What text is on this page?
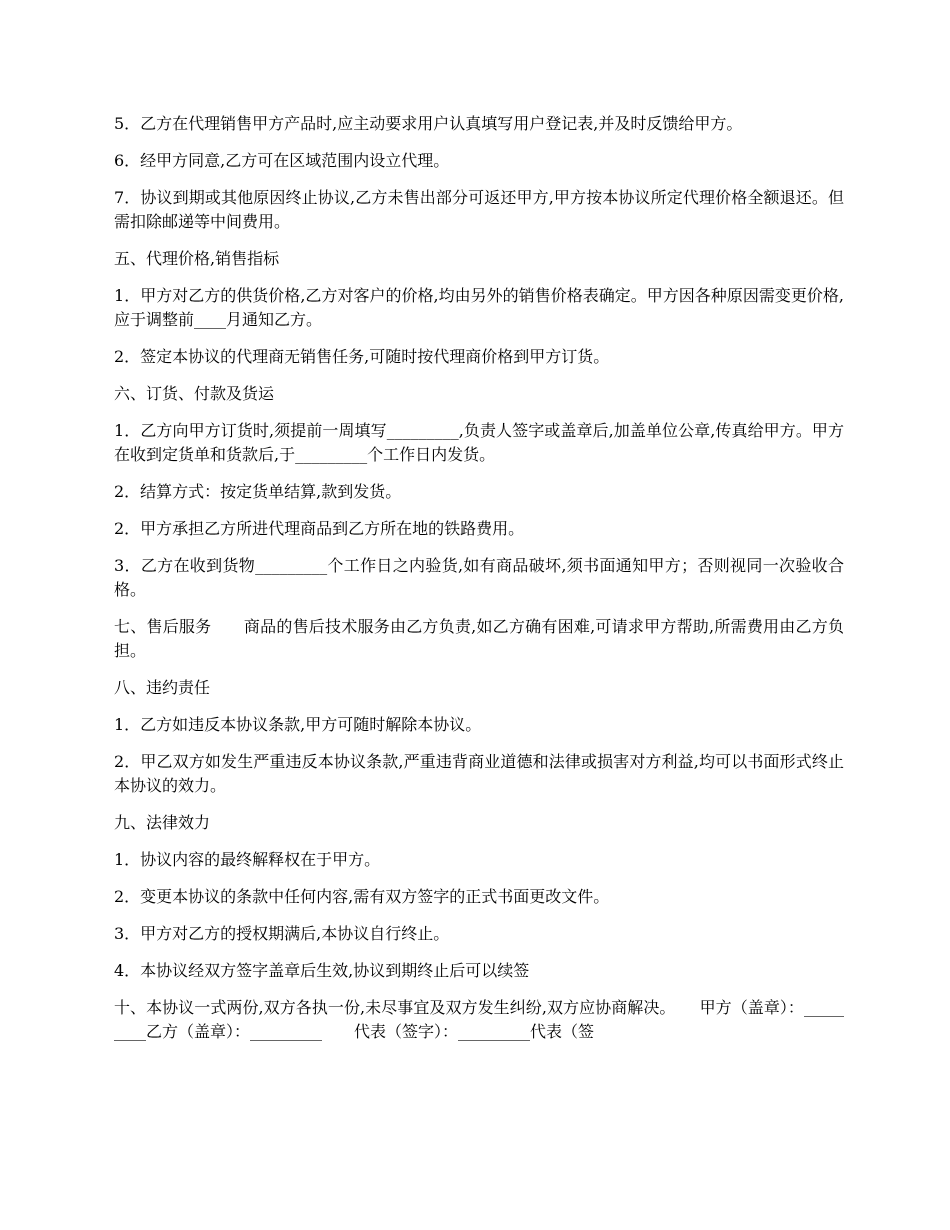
5．乙方在代理销售甲方产品时,应主动要求用户认真填写用户登记表,并及时反馈给甲方。

6．经甲方同意,乙方可在区域范围内设立代理。

7．协议到期或其他原因终止协议,乙方未售出部分可返还甲方,甲方按本协议所定代理价格全额退还。但需扣除邮递等中间费用。

五、代理价格,销售指标

1．甲方对乙方的供货价格,乙方对客户的价格,均由另外的销售价格表确定。甲方因各种原因需变更价格,应于调整前____月通知乙方。

2．签定本协议的代理商无销售任务,可随时按代理商价格到甲方订货。

六、订货、付款及货运

1．乙方向甲方订货时,须提前一周填写_________,负责人签字或盖章后,加盖单位公章,传真给甲方。甲方在收到定货单和货款后,于_________个工作日内发货。

2．结算方式：按定货单结算,款到发货。

2．甲方承担乙方所进代理商品到乙方所在地的铁路费用。

3．乙方在收到货物_________个工作日之内验货,如有商品破坏,须书面通知甲方；否则视同一次验收合格。

七、售后服务　　商品的售后技术服务由乙方负责,如乙方确有困难,可请求甲方帮助,所需费用由乙方负担。

八、违约责任

1．乙方如违反本协议条款,甲方可随时解除本协议。

2．甲乙双方如发生严重违反本协议条款,严重违背商业道德和法律或损害对方利益,均可以书面形式终止本协议的效力。

九、法律效力

1．协议内容的最终解释权在于甲方。

2．变更本协议的条款中任何内容,需有双方签字的正式书面更改文件。

3．甲方对乙方的授权期满后,本协议自行终止。

4．本协议经双方签字盖章后生效,协议到期终止后可以续签

十、本协议一式两份,双方各执一份,未尽事宜及双方发生纠纷,双方应协商解决。　　甲方（盖章）：_________乙方（盖章）：_________　　代表（签字）：_________代表（签
